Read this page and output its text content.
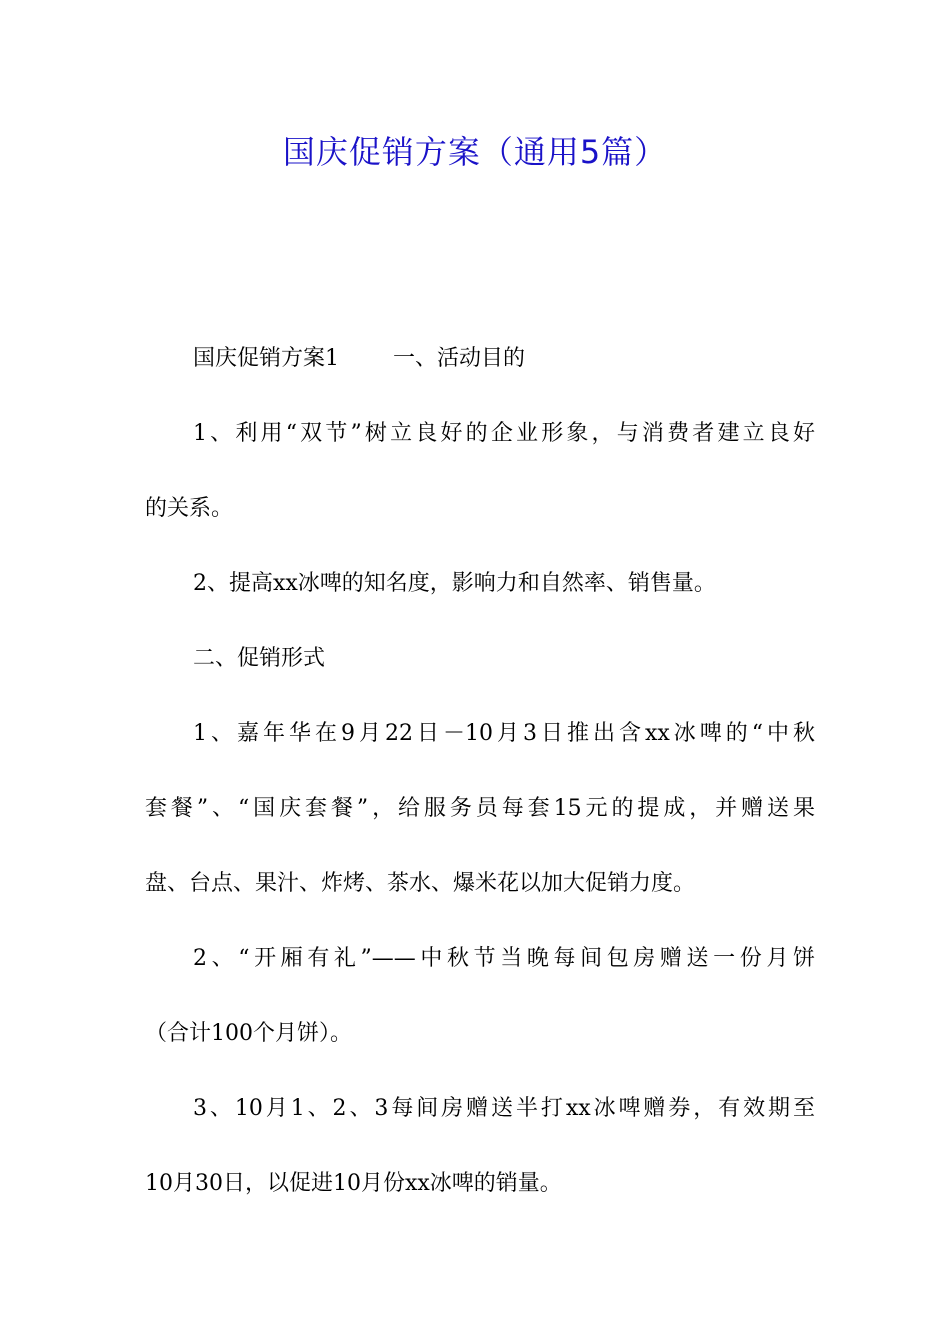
国庆促销方案（通用5篇）
国庆促销方案1 一、活动目的
1、利用“双节”树立良好的企业形象，与消费者建立良好
的关系。
2、提高xx冰啤的知名度，影响力和自然率、销售量。
二、促销形式
1、嘉年华在9月22日－10月3日推出含xx冰啤的“中秋
套餐”、“国庆套餐”，给服务员每套15元的提成，并赠送果
盘、台点、果汁、炸烤、茶水、爆米花以加大促销力度。
2、“开厢有礼”——中秋节当晚每间包房赠送一份月饼
（合计100个月饼）。
3、10月1、2、3每间房赠送半打xx冰啤赠券，有效期至
10月30日，以促进10月份xx冰啤的销量。
